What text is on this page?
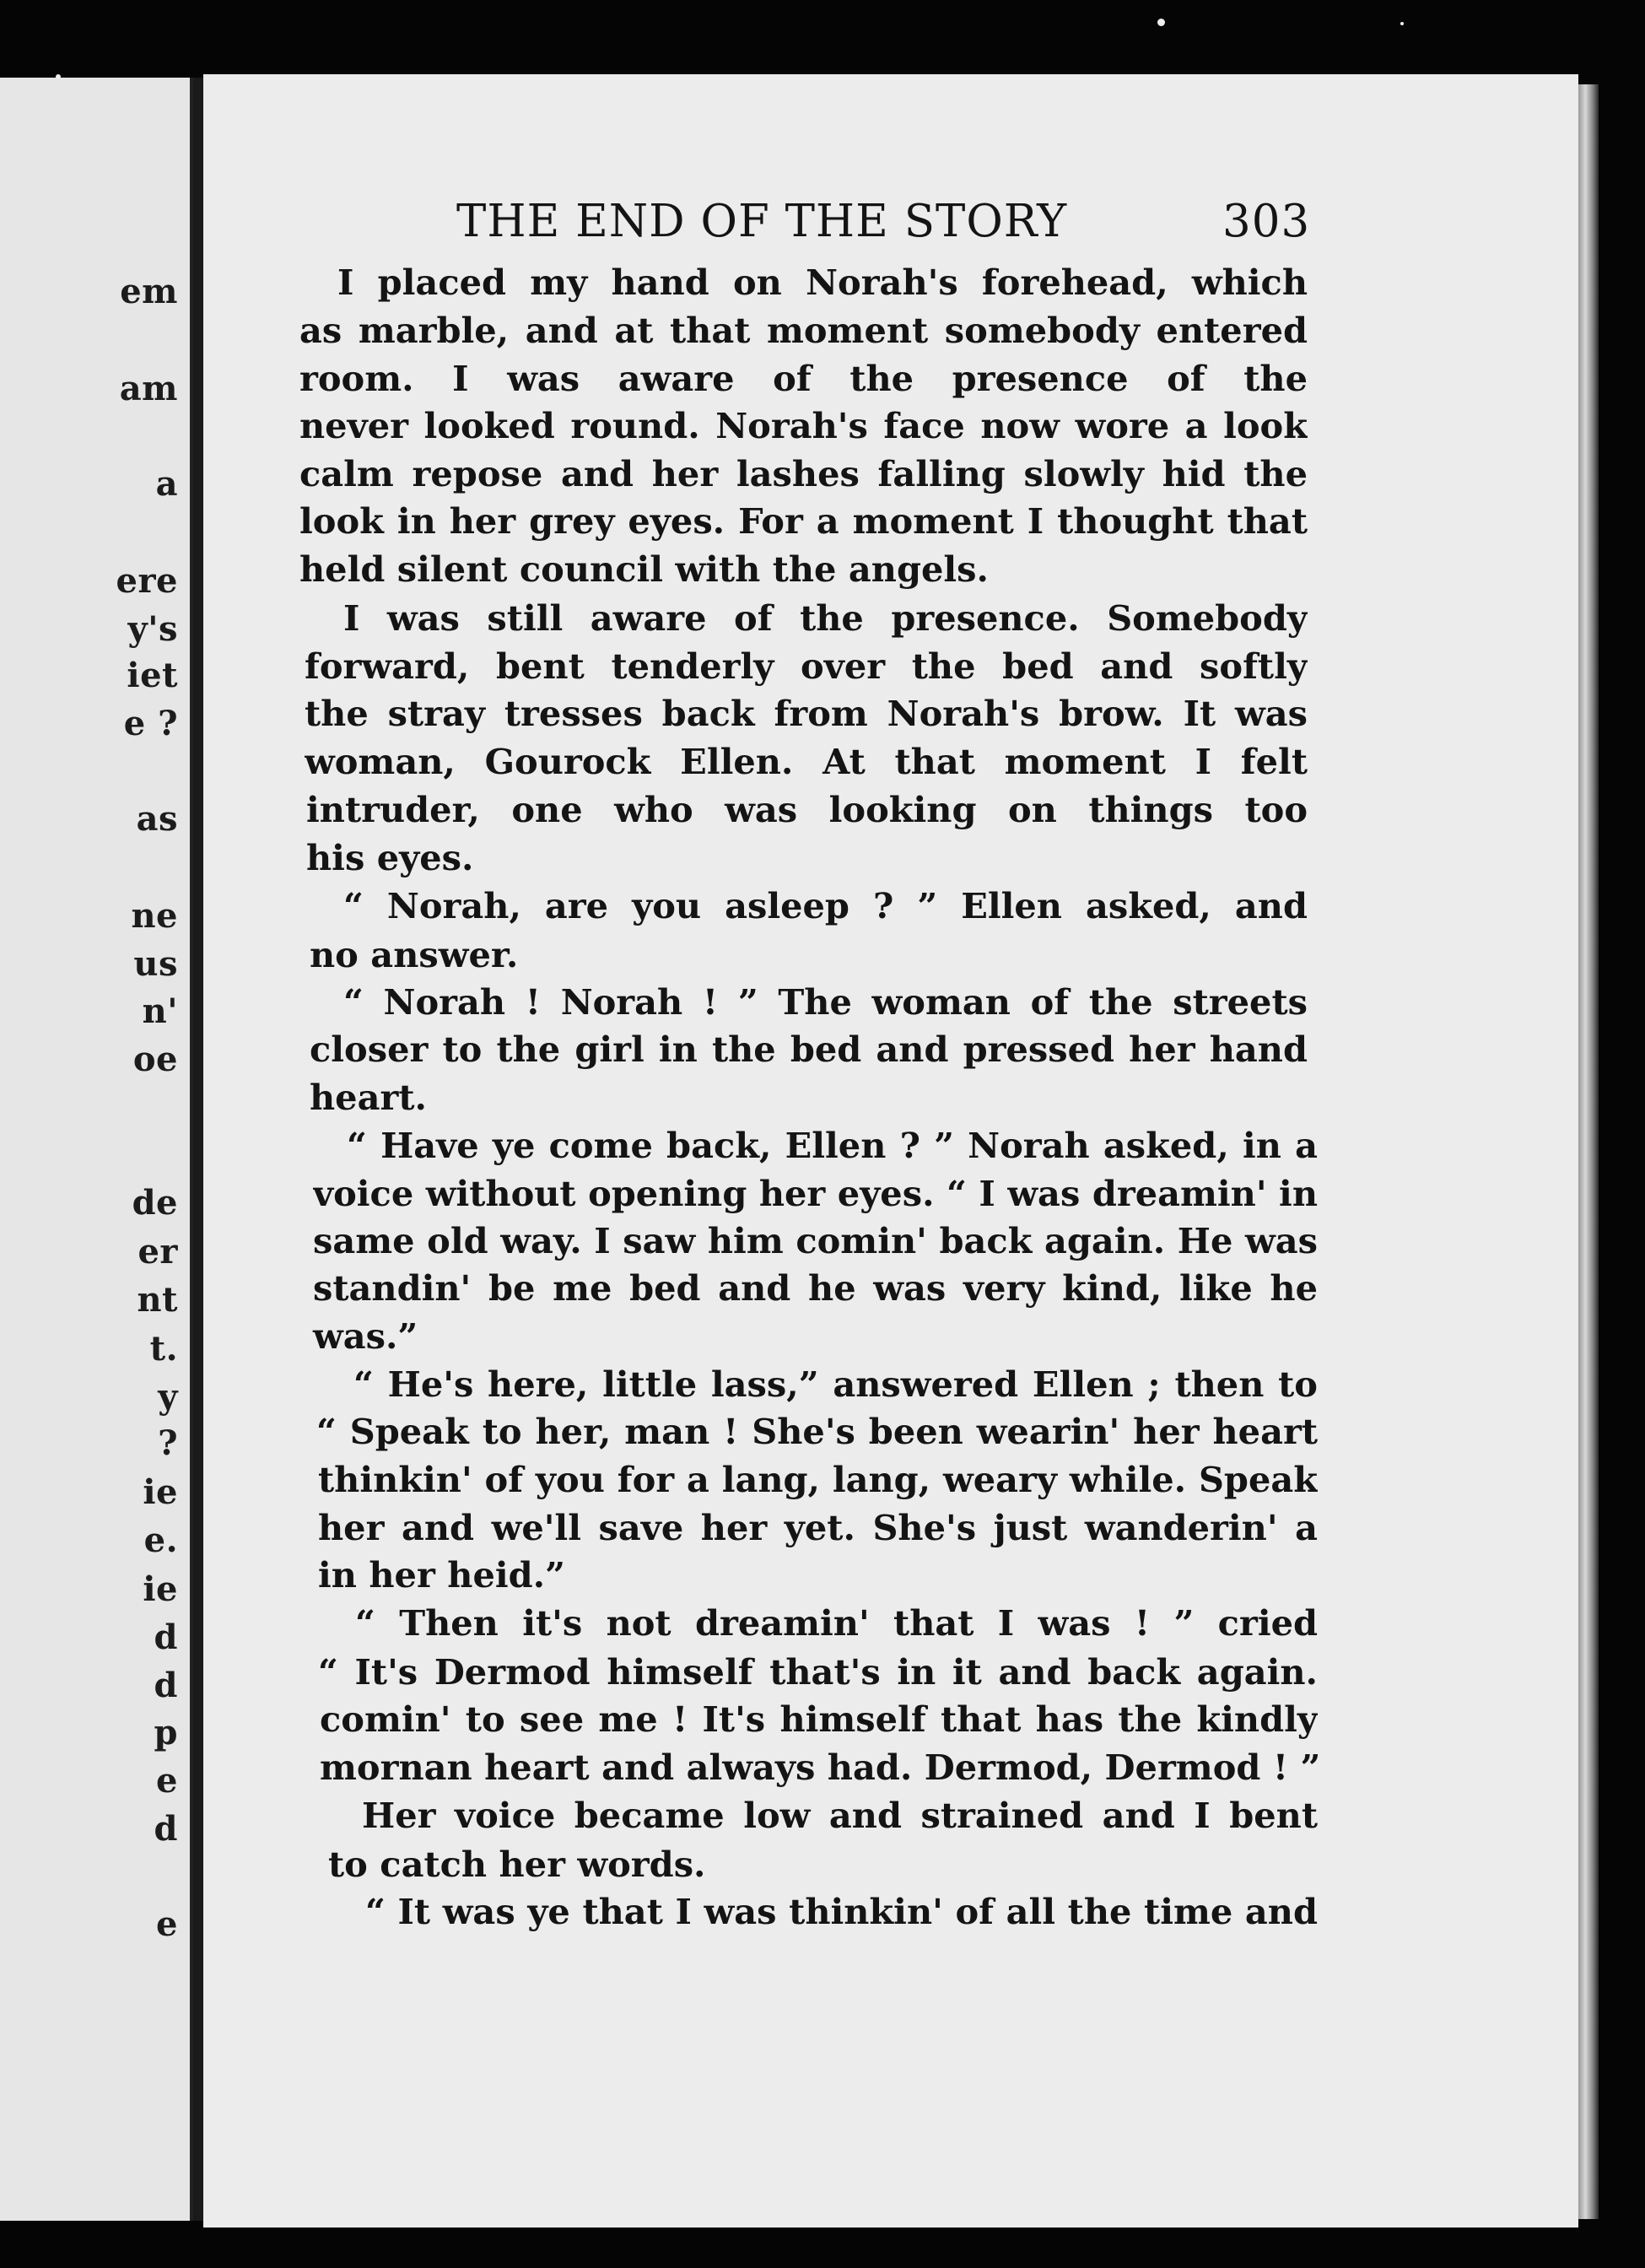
em
am
a
ere
y's
iet
e ?
as
ne
us
n'
oe
de
er
nt
t.
y
?
ie
e.
ie
d
d
p
e
d
e
THE END OF THE STORY	303
I placed my hand on Norah's forehead, which
as marble, and at that moment somebody entered
room. I was aware of the presence of the
never looked round. Norah's face now wore a look
calm repose and her lashes falling slowly hid the
look in her grey eyes. For a moment I thought that
held silent council with the angels.
I was still aware of the presence. Somebody
forward, bent tenderly over the bed and softly
the stray tresses back from Norah's brow. It was
woman, Gourock Ellen. At that moment I felt
intruder, one who was looking on things too
his eyes.
“ Norah, are you asleep ? ” Ellen asked, and
no answer.
“ Norah ! Norah ! ” The woman of the streets
closer to the girl in the bed and pressed her hand
heart.
“ Have ye come back, Ellen ? ” Norah asked, in a
voice without opening her eyes. “ I was dreamin' in
same old way. I saw him comin' back again. He was
standin' be me bed and he was very kind, like he
was.”
“ He's here, little lass,” answered Ellen ; then to
“ Speak to her, man ! She's been wearin' her heart
thinkin' of you for a lang, lang, weary while. Speak
her and we'll save her yet. She's just wanderin' a
in her heid.”
“ Then it's not dreamin' that I was ! ” cried
“ It's Dermod himself that's in it and back again.
comin' to see me ! It's himself that has the kindly
mornan heart and always had. Dermod, Dermod ! ”
Her voice became low and strained and I bent
to catch her words.
“ It was ye that I was thinkin' of all the time and
